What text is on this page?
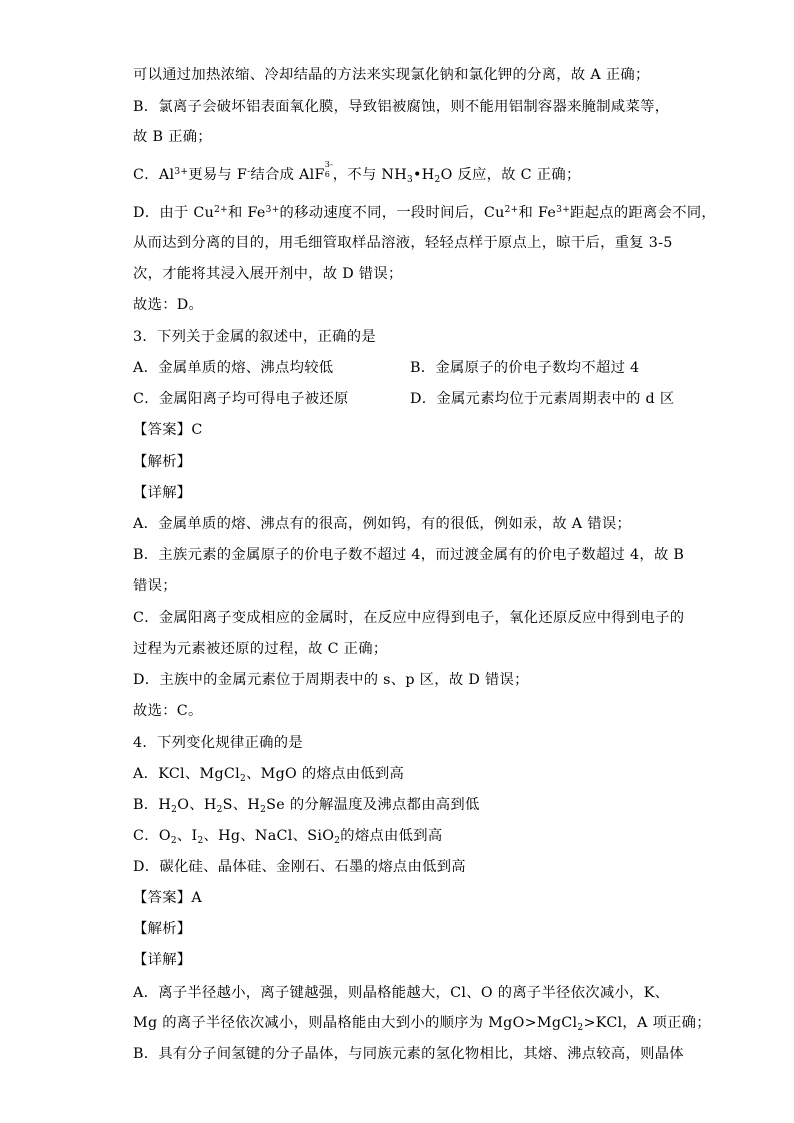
可以通过加热浓缩、冷却结晶的方法来实现氯化钠和氯化钾的分离，故 A 正确；
B．氯离子会破坏铝表面氧化膜，导致铝被腐蚀，则不能用铝制容器来腌制咸菜等，
故 B 正确；
C．$Al^{3+}$更易与 F-结合成 AlF
3-
6 ，不与 $NH_3•H_2O$ 反应，故 C 正确；
D．由于 $Cu^{2+}$和 $Fe^{3+}$的移动速度不同，一段时间后，$Cu^{2+}$和 $Fe^{3+}$距起点的距离会不同，
从而达到分离的目的，用毛细管取样品溶液，轻轻点样于原点上，晾干后，重复 3-5
次，才能将其浸入展开剂中，故 D 错误；
故选：D。
3．下列关于金属的叙述中，正确的是
A．金属单质的熔、沸点均较低	B．金属原子的价电子数均不超过 4
C．金属阳离子均可得电子被还原	D．金属元素均位于元素周期表中的 d 区
【答案】C
【解析】
【详解】
A．金属单质的熔、沸点有的很高，例如钨，有的很低，例如汞，故 A 错误；
B．主族元素的金属原子的价电子数不超过 4，而过渡金属有的价电子数超过 4，故 B
错误；
C．金属阳离子变成相应的金属时，在反应中应得到电子，氧化还原反应中得到电子的
过程为元素被还原的过程，故 C 正确；
D．主族中的金属元素位于周期表中的 s、p 区，故 D 错误；
故选：C。
4．下列变化规律正确的是
A．KCl、MgCl$_2$、MgO 的熔点由低到高
B．$H_2O$、$H_2S$、$H_2Se$ 的分解温度及沸点都由高到低
C．$O_2$、$I_2$、Hg、NaCl、SiO$_2$的熔点由低到高
D．碳化硅、晶体硅、金刚石、石墨的熔点由低到高
【答案】A
【解析】
【详解】
A．离子半径越小，离子键越强，则晶格能越大，Cl、O 的离子半径依次减小，K、
Mg 的离子半径依次减小，则晶格能由大到小的顺序为 MgO>MgCl$_2$>KCl，A 项正确；
B．具有分子间氢键的分子晶体，与同族元素的氢化物相比，其熔、沸点较高，则晶体
